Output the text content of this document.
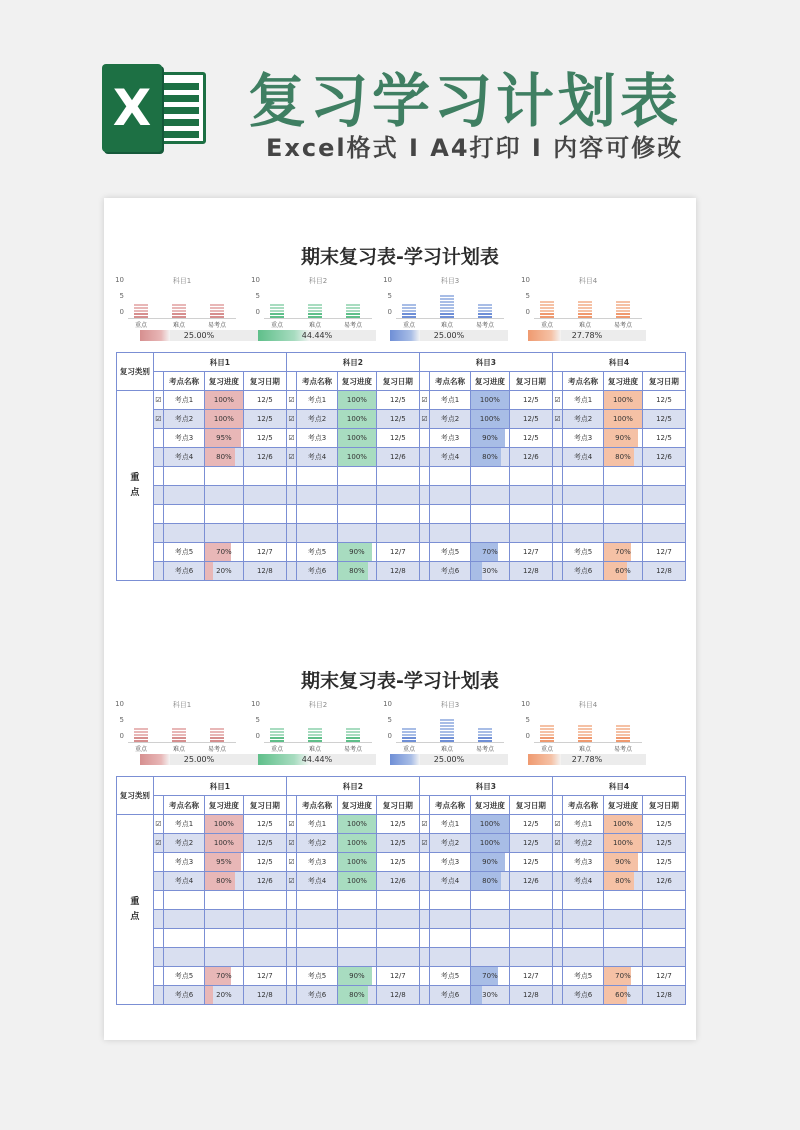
X 复习学习计划表
Excel格式 I A4打印 I 内容可修改
期末复习表-学习计划表
科目1
10
5
0
重点	难点	易考点
25.00%
科目2
10
5
0
重点	难点	易考点
44.44%
科目3
10
5
0
重点	难点	易考点
25.00%
科目4
10
5
0
重点	难点	易考点
27.78%
复习类别	科目1				科目2				科目3				科目4			
		考点名称	复习进度	复习日期		考点名称	复习进度	复习日期		考点名称	复习进度	复习日期		考点名称	复习进度	复习日期
重
点	☑	考点1	100%	12/5	☑	考点1	100%	12/5	☑	考点1	100%	12/5	☑	考点1	100%	12/5
	☑	考点2	100%	12/5	☑	考点2	100%	12/5	☑	考点2	100%	12/5	☑	考点2	100%	12/5
		考点3	95%	12/5	☑	考点3	100%	12/5		考点3	90%	12/5		考点3	90%	12/5
		考点4	80%	12/6	☑	考点4	100%	12/6		考点4	80%	12/6		考点4	80%	12/6

		考点5	70%	12/7		考点5	90%	12/7		考点5	70%	12/7		考点5	70%	12/7
		考点6	20%	12/8		考点6	80%	12/8		考点6	30%	12/8		考点6	60%	12/8
期末复习表-学习计划表
科目1
10
5
0
重点	难点	易考点
25.00%
科目2
10
5
0
重点	难点	易考点
44.44%
科目3
10
5
0
重点	难点	易考点
25.00%
科目4
10
5
0
重点	难点	易考点
27.78%
复习类别	科目1				科目2				科目3				科目4			
		考点名称	复习进度	复习日期		考点名称	复习进度	复习日期		考点名称	复习进度	复习日期		考点名称	复习进度	复习日期
重
点	☑	考点1	100%	12/5	☑	考点1	100%	12/5	☑	考点1	100%	12/5	☑	考点1	100%	12/5
	☑	考点2	100%	12/5	☑	考点2	100%	12/5	☑	考点2	100%	12/5	☑	考点2	100%	12/5
		考点3	95%	12/5	☑	考点3	100%	12/5		考点3	90%	12/5		考点3	90%	12/5
		考点4	80%	12/6	☑	考点4	100%	12/6		考点4	80%	12/6		考点4	80%	12/6

		考点5	70%	12/7		考点5	90%	12/7		考点5	70%	12/7		考点5	70%	12/7
		考点6	20%	12/8		考点6	80%	12/8		考点6	30%	12/8		考点6	60%	12/8
